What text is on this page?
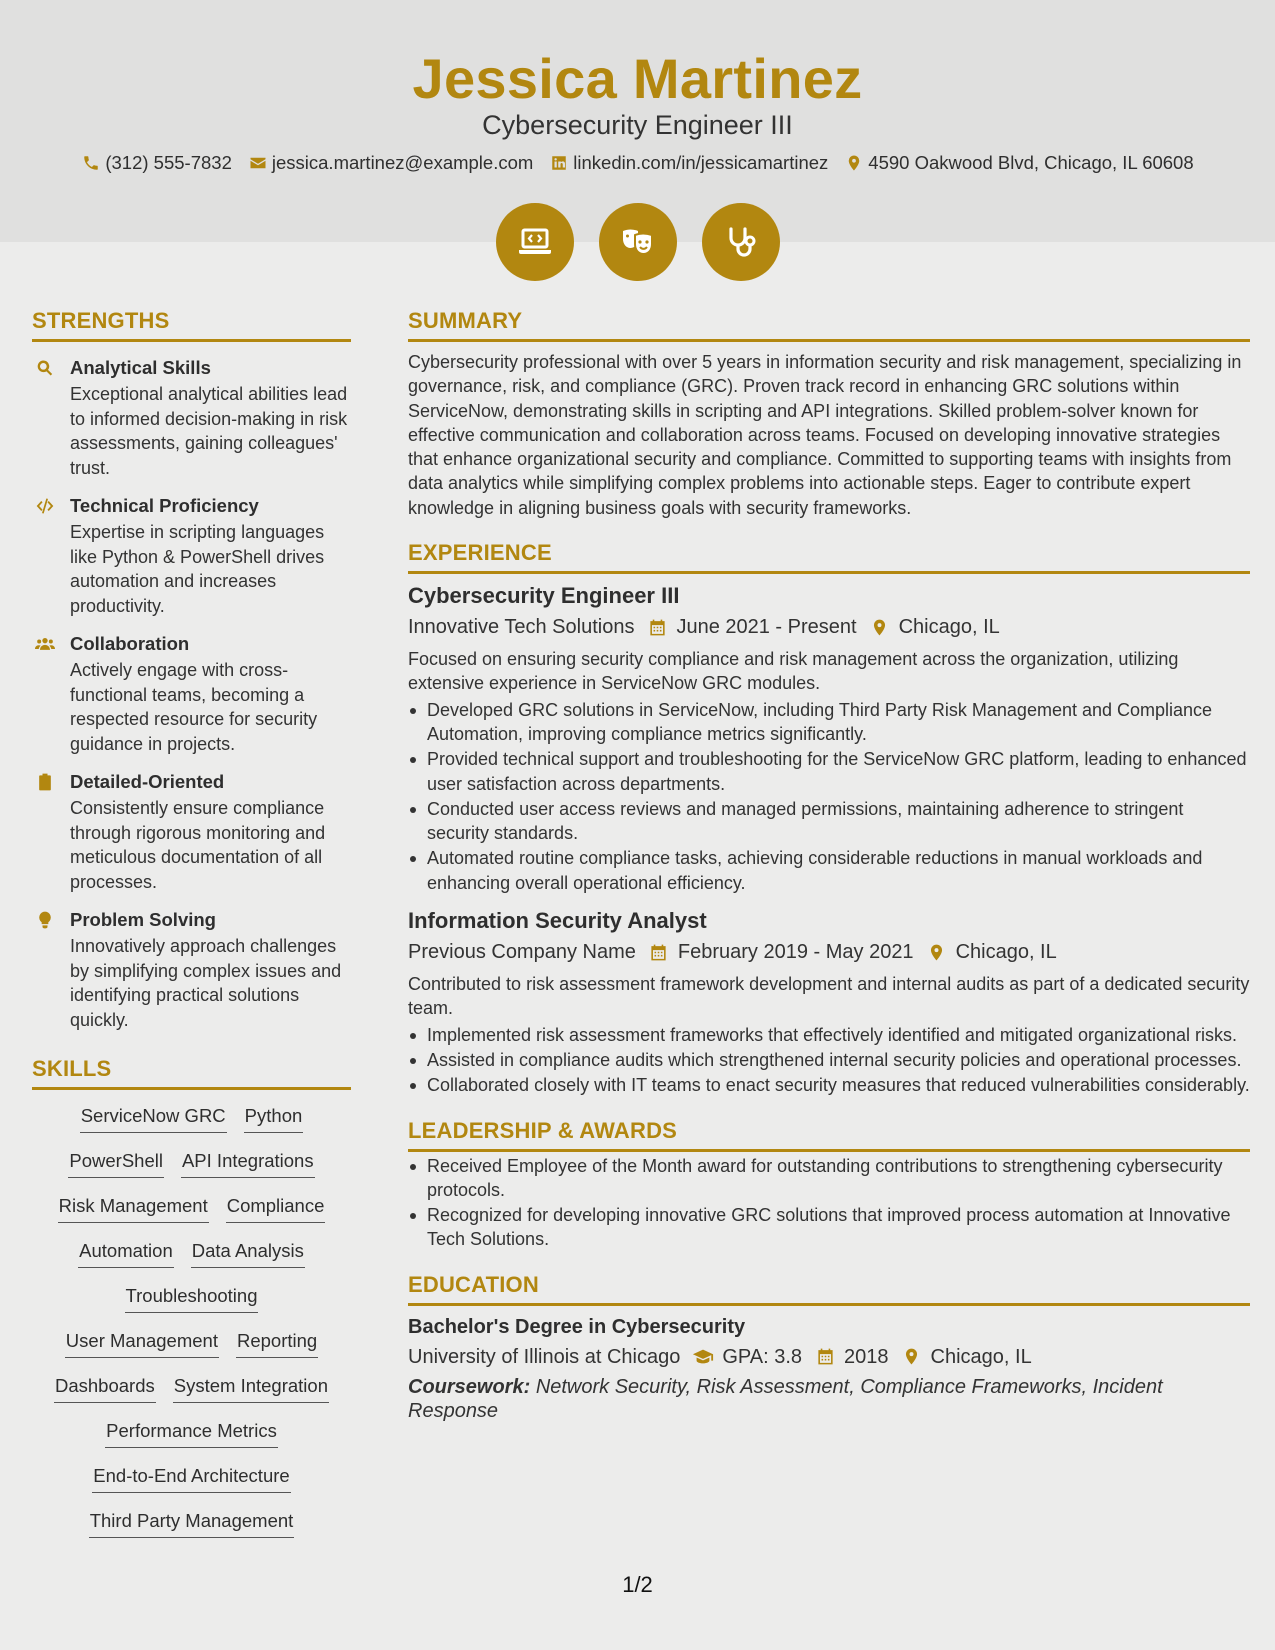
Jessica Martinez
Cybersecurity Engineer III
(312) 555-7832 jessica.martinez@example.com linkedin.com/in/jessicamartinez 4590 Oakwood Blvd, Chicago, IL 60608
STRENGTHS
Analytical Skills
Exceptional analytical abilities lead to informed decision-making in risk assessments, gaining colleagues' trust.
Technical Proficiency
Expertise in scripting languages like Python & PowerShell drives automation and increases productivity.
Collaboration
Actively engage with cross-functional teams, becoming a respected resource for security guidance in projects.
Detailed-Oriented
Consistently ensure compliance through rigorous monitoring and meticulous documentation of all processes.
Problem Solving
Innovatively approach challenges by simplifying complex issues and identifying practical solutions quickly.
SKILLS
ServiceNow GRC Python
PowerShell API Integrations
Risk Management Compliance
Automation Data Analysis
Troubleshooting
User Management Reporting
Dashboards System Integration
Performance Metrics
End-to-End Architecture
Third Party Management
SUMMARY
Cybersecurity professional with over 5 years in information security and risk management, specializing in governance, risk, and compliance (GRC). Proven track record in enhancing GRC solutions within ServiceNow, demonstrating skills in scripting and API integrations. Skilled problem-solver known for effective communication and collaboration across teams. Focused on developing innovative strategies that enhance organizational security and compliance. Committed to supporting teams with insights from data analytics while simplifying complex problems into actionable steps. Eager to contribute expert knowledge in aligning business goals with security frameworks.
EXPERIENCE
Cybersecurity Engineer III
Innovative Tech Solutions June 2021 - Present Chicago, IL
Focused on ensuring security compliance and risk management across the organization, utilizing extensive experience in ServiceNow GRC modules.
Developed GRC solutions in ServiceNow, including Third Party Risk Management and Compliance Automation, improving compliance metrics significantly.
Provided technical support and troubleshooting for the ServiceNow GRC platform, leading to enhanced user satisfaction across departments.
Conducted user access reviews and managed permissions, maintaining adherence to stringent security standards.
Automated routine compliance tasks, achieving considerable reductions in manual workloads and enhancing overall operational efficiency.
Information Security Analyst
Previous Company Name February 2019 - May 2021 Chicago, IL
Contributed to risk assessment framework development and internal audits as part of a dedicated security team.
Implemented risk assessment frameworks that effectively identified and mitigated organizational risks.
Assisted in compliance audits which strengthened internal security policies and operational processes.
Collaborated closely with IT teams to enact security measures that reduced vulnerabilities considerably.
LEADERSHIP & AWARDS
Received Employee of the Month award for outstanding contributions to strengthening cybersecurity protocols.
Recognized for developing innovative GRC solutions that improved process automation at Innovative Tech Solutions.
EDUCATION
Bachelor's Degree in Cybersecurity
University of Illinois at Chicago GPA: 3.8 2018 Chicago, IL
Coursework: Network Security, Risk Assessment, Compliance Frameworks, Incident Response
1/2
